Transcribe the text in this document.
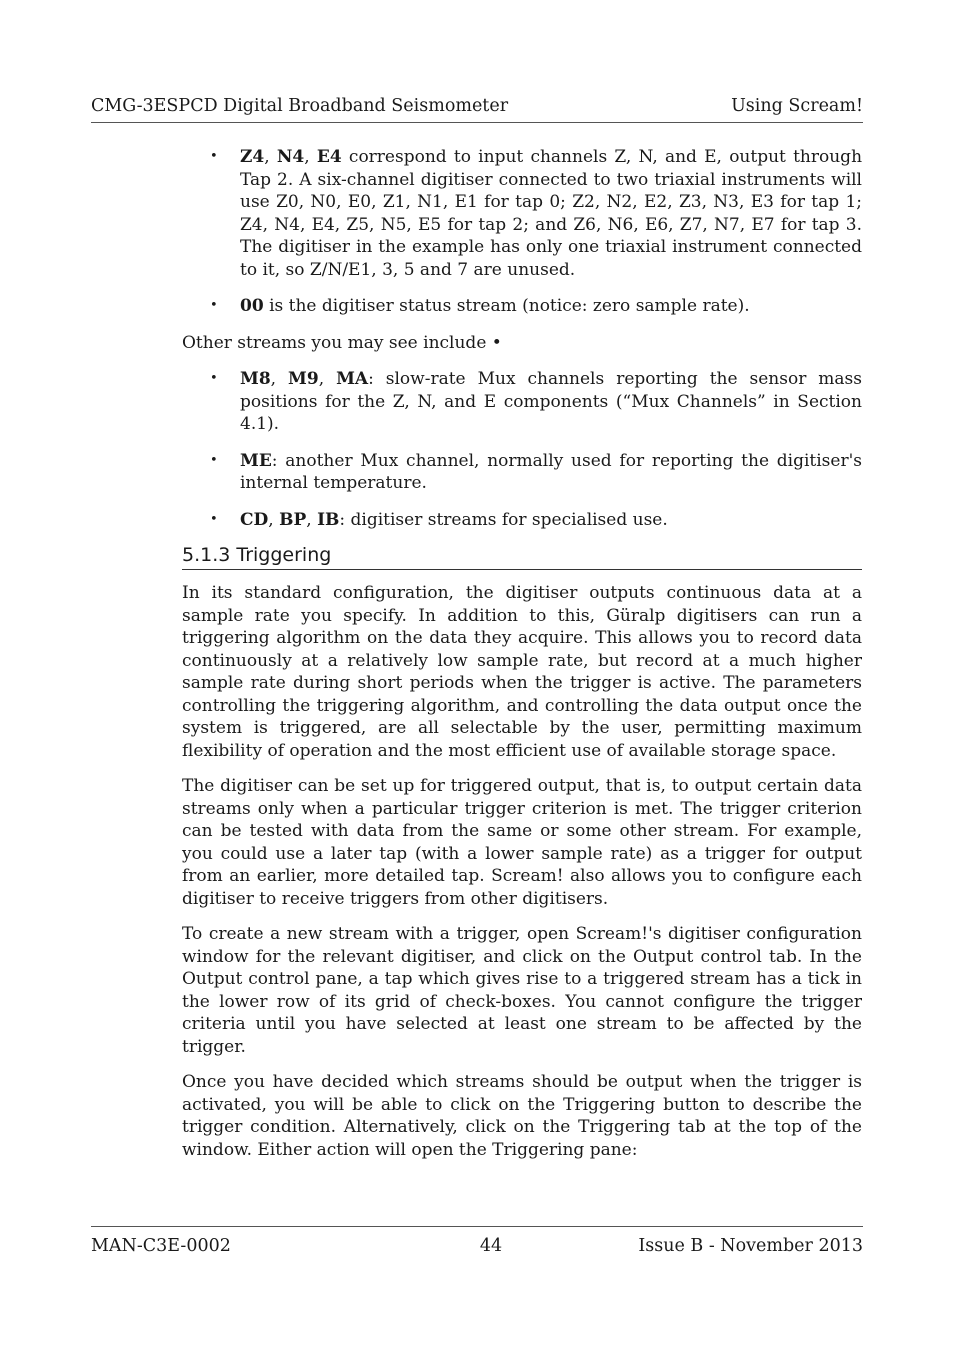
CMG-3ESPCD Digital Broadband Seismometer	Using Scream!
• Z4, N4, E4 correspond to input channels Z, N, and E, output through Tap 2. A six-channel digitiser connected to two triaxial instruments will use Z0, N0, E0, Z1, N1, E1 for tap 0; Z2, N2, E2, Z3, N3, E3 for tap 1; Z4, N4, E4, Z5, N5, E5 for tap 2; and Z6, N6, E6, Z7, N7, E7 for tap 3. The digitiser in the example has only one triaxial instrument connected to it, so Z/N/E1, 3, 5 and 7 are unused.
• 00 is the digitiser status stream (notice: zero sample rate).

Other streams you may see include •

• M8, M9, MA: slow-rate Mux channels reporting the sensor mass positions for the Z, N, and E components (“Mux Channels” in Section 4.1).
• ME: another Mux channel, normally used for reporting the digitiser's internal temperature.
• CD, BP, IB: digitiser streams for specialised use.
5.1.3 Triggering

In its standard configuration, the digitiser outputs continuous data at a sample rate you specify. In addition to this, Güralp digitisers can run a triggering algorithm on the data they acquire. This allows you to record data continuously at a relatively low sample rate, but record at a much higher sample rate during short periods when the trigger is active. The parameters controlling the triggering algorithm, and controlling the data output once the system is triggered, are all selectable by the user, permitting maximum flexibility of operation and the most efficient use of available storage space.

The digitiser can be set up for triggered output, that is, to output certain data streams only when a particular trigger criterion is met. The trigger criterion can be tested with data from the same or some other stream. For example, you could use a later tap (with a lower sample rate) as a trigger for output from an earlier, more detailed tap. Scream! also allows you to configure each digitiser to receive triggers from other digitisers.

To create a new stream with a trigger, open Scream!'s digitiser configuration window for the relevant digitiser, and click on the Output control tab. In the Output control pane, a tap which gives rise to a triggered stream has a tick in the lower row of its grid of check-boxes. You cannot configure the trigger criteria until you have selected at least one stream to be affected by the trigger.

Once you have decided which streams should be output when the trigger is activated, you will be able to click on the Triggering button to describe the trigger condition. Alternatively, click on the Triggering tab at the top of the window. Either action will open the Triggering pane:

MAN-C3E-0002	44	Issue B - November 2013
